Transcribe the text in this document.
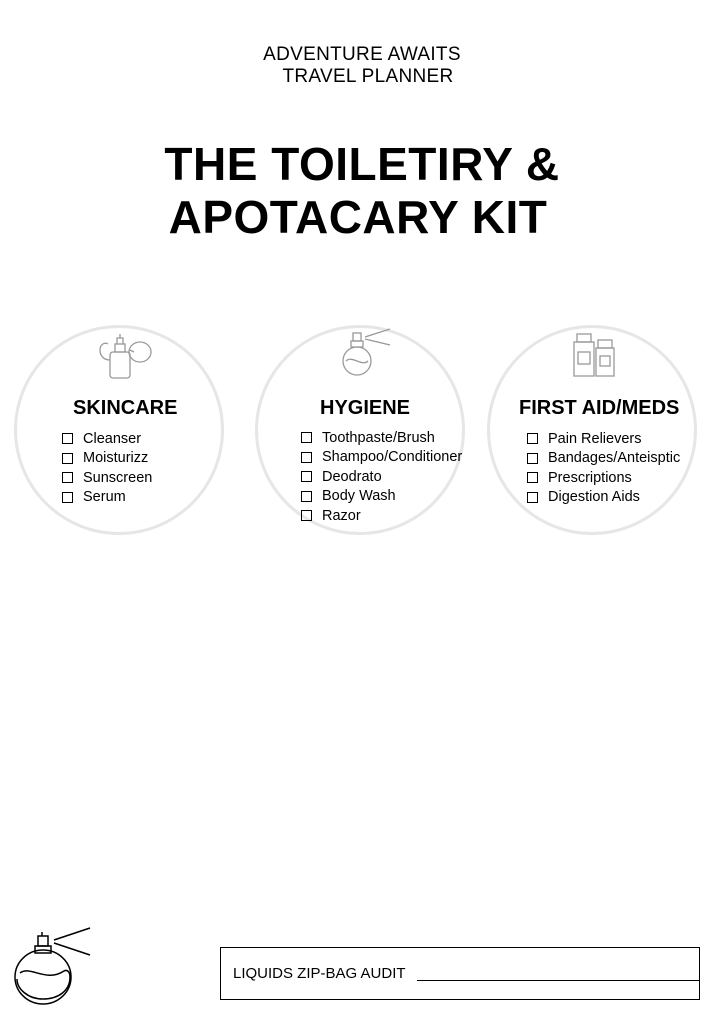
ADVENTURE AWAITS
TRAVEL PLANNER
THE TOILETIRY &
APOTACARY KIT
SKINCARE
Cleanser
Moisturizz
Sunscreen
Serum
HYGIENE
Toothpaste/Brush
Shampoo/Conditioner
Deodrato
Body Wash
Razor
FIRST AID/MEDS
Pain Relievers
Bandages/Anteisptic
Prescriptions
Digestion Aids
LIQUIDS ZIP-BAG AUDIT
